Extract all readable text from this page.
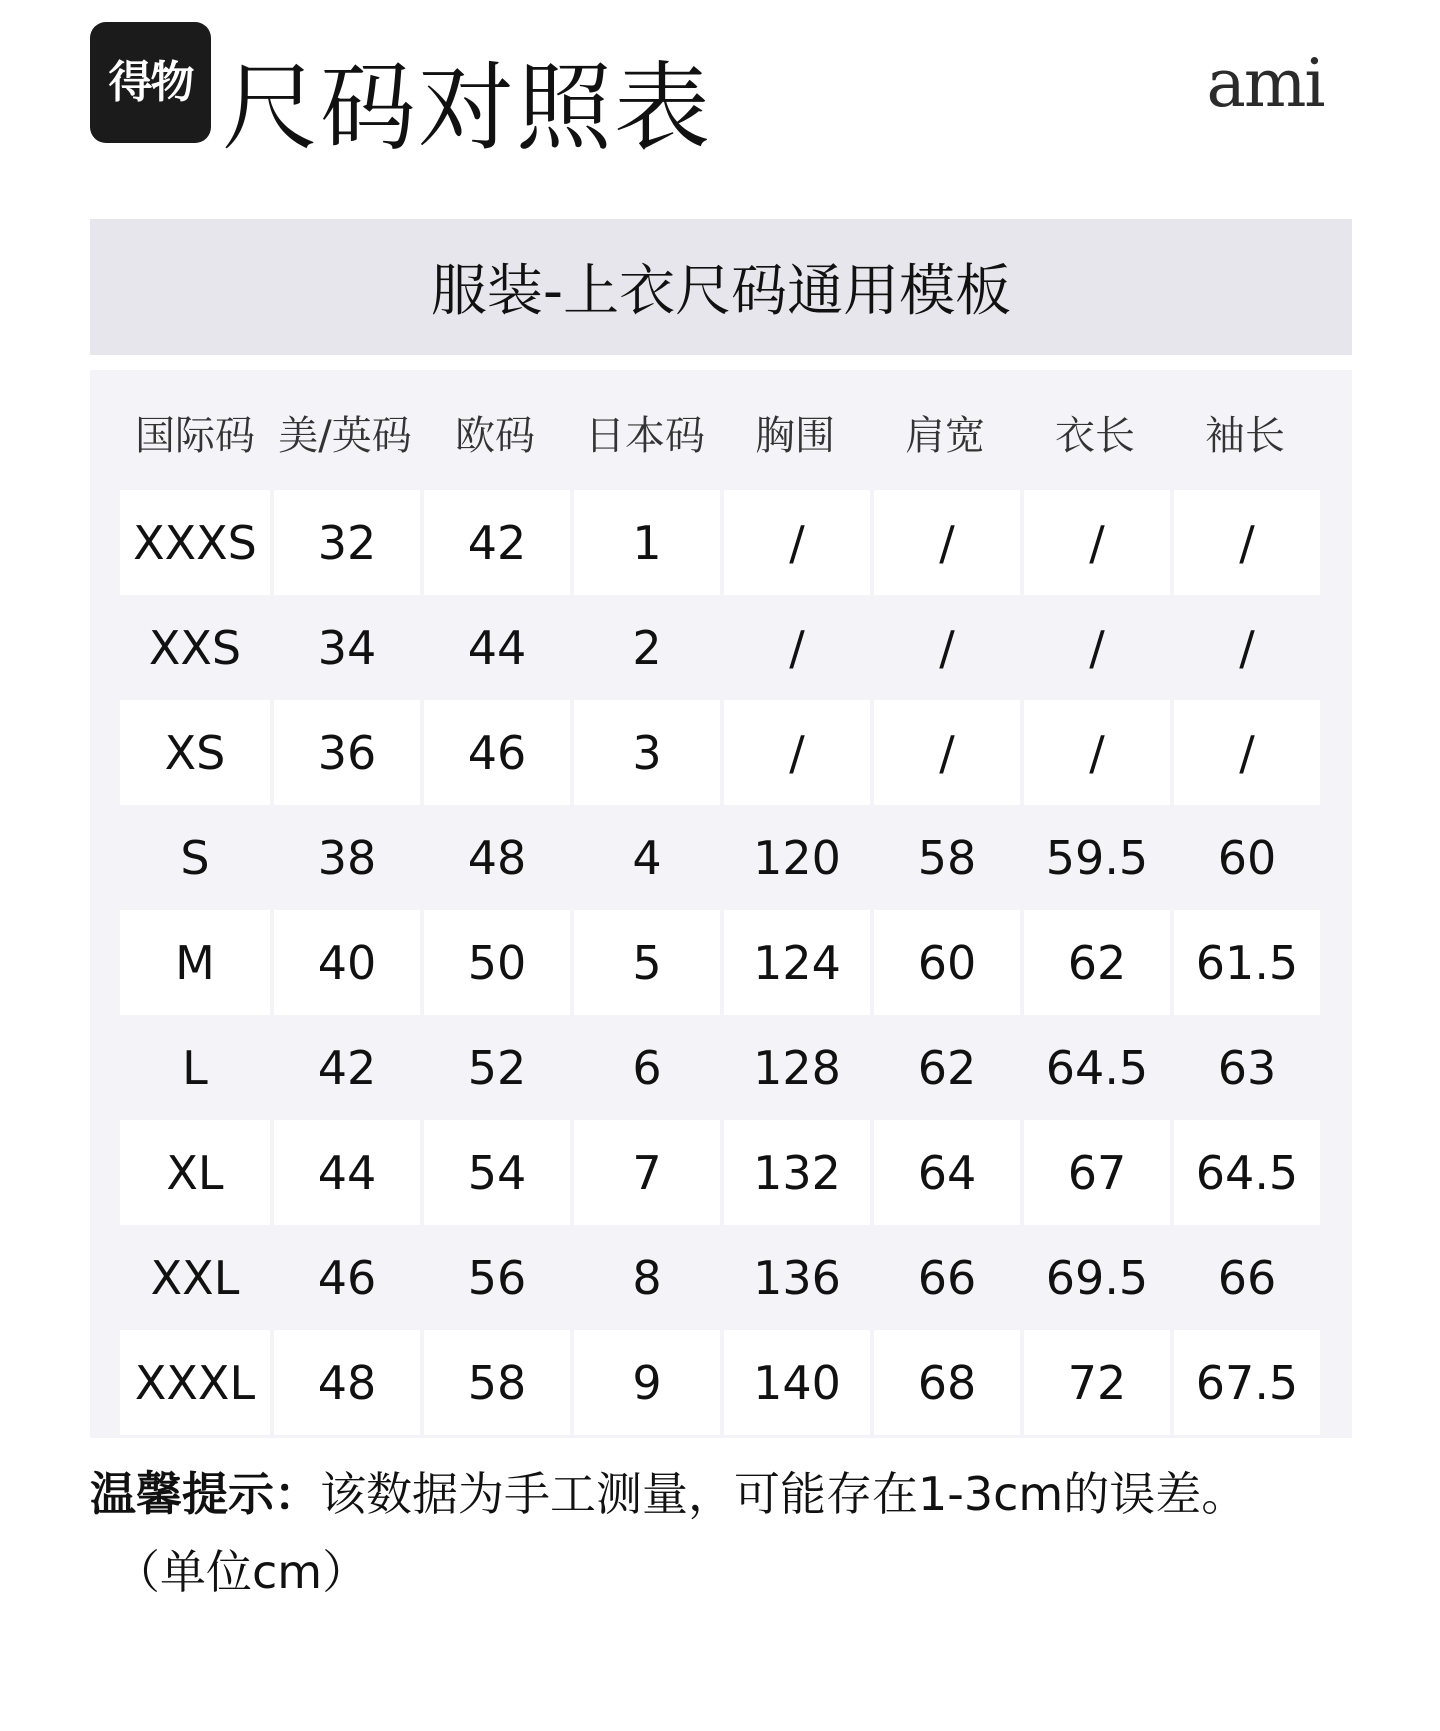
得物 尺码对照表	ami
服装-上衣尺码通用模板
国际码 美/英码	欧码	日本码	胸围	肩宽	衣长	袖长
XXXS	32	42	1	/	/	/	/
XXS	34	44	2	/	/	/	/
XS	36	46	3	/	/	/	/
S	38	48	4	120	58	59.5	60
M	40	50	5	124	60	62	61.5
L	42	52	6	128	62	64.5	63
XL	44	54	7	132	64	67	64.5
XXL	46	56	8	136	66	69.5	66
XXXL	48	58	9	140	68	72	67.5
温馨提示：该数据为手工测量，可能存在1-3cm的误差。
（单位cm）
